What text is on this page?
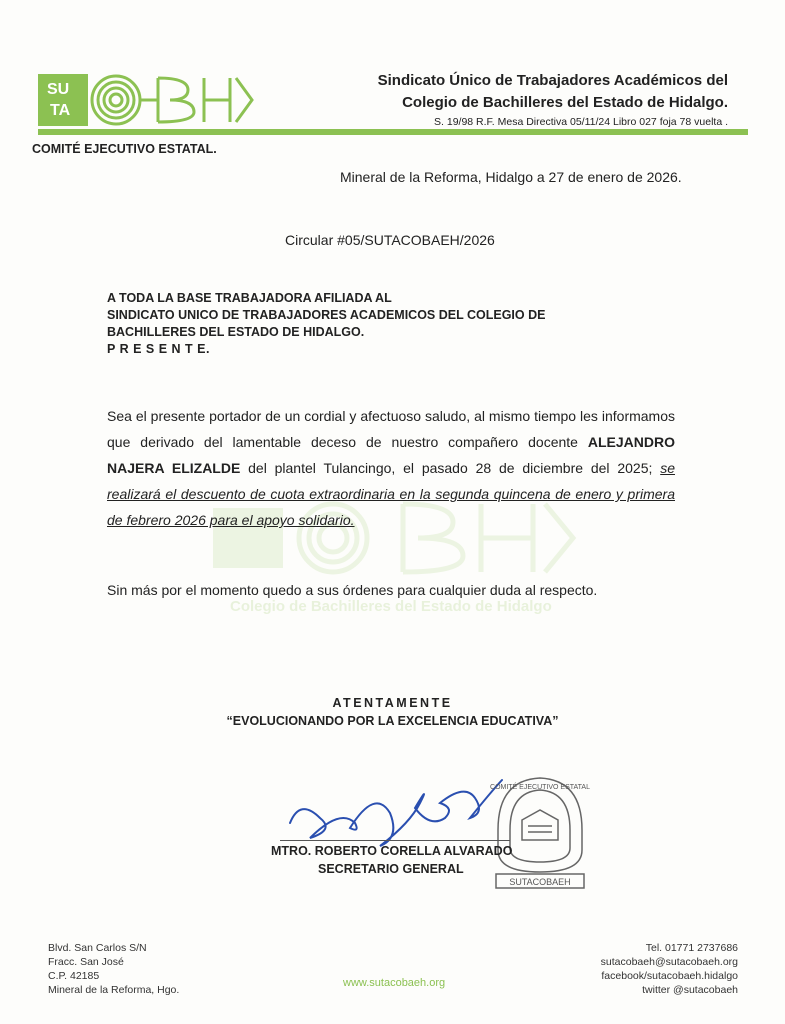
SU
TA
Sindicato Único de Trabajadores Académicos del
Colegio de Bachilleres del Estado de Hidalgo.
S. 19/98 R.F. Mesa Directiva 05/11/24 Libro 027 foja 78 vuelta .
COMITÉ EJECUTIVO ESTATAL.
Colegio de Bachilleres del Estado de Hidalgo
Mineral de la Reforma, Hidalgo a 27 de enero de 2026.
Circular #05/SUTACOBAEH/2026
A TODA LA BASE TRABAJADORA AFILIADA AL
SINDICATO UNICO DE TRABAJADORES ACADEMICOS DEL COLEGIO DE
BACHILLERES DEL ESTADO DE HIDALGO.
P R E S E N T E.
Sea el presente portador de un cordial y afectuoso saludo, al mismo tiempo les informamos que derivado del lamentable deceso de nuestro compañero docente ALEJANDRO NAJERA ELIZALDE del plantel Tulancingo, el pasado 28 de diciembre del 2025; se realizará el descuento de cuota extraordinaria en la segunda quincena de enero y primera de febrero 2026 para el apoyo solidario.
Sin más por el momento quedo a sus órdenes para cualquier duda al respecto.
ATENTAMENTE
“EVOLUCIONANDO POR LA EXCELENCIA EDUCATIVA”
SUTACOBAEH
COMITÉ EJECUTIVO ESTATAL
MTRO. ROBERTO CORELLA ALVARADO
SECRETARIO GENERAL
Blvd. San Carlos S/N
Fracc. San José
C.P. 42185
Mineral de la Reforma, Hgo.
www.sutacobaeh.org
Tel. 01771 2737686
sutacobaeh@sutacobaeh.org
facebook/sutacobaeh.hidalgo
twitter @sutacobaeh
